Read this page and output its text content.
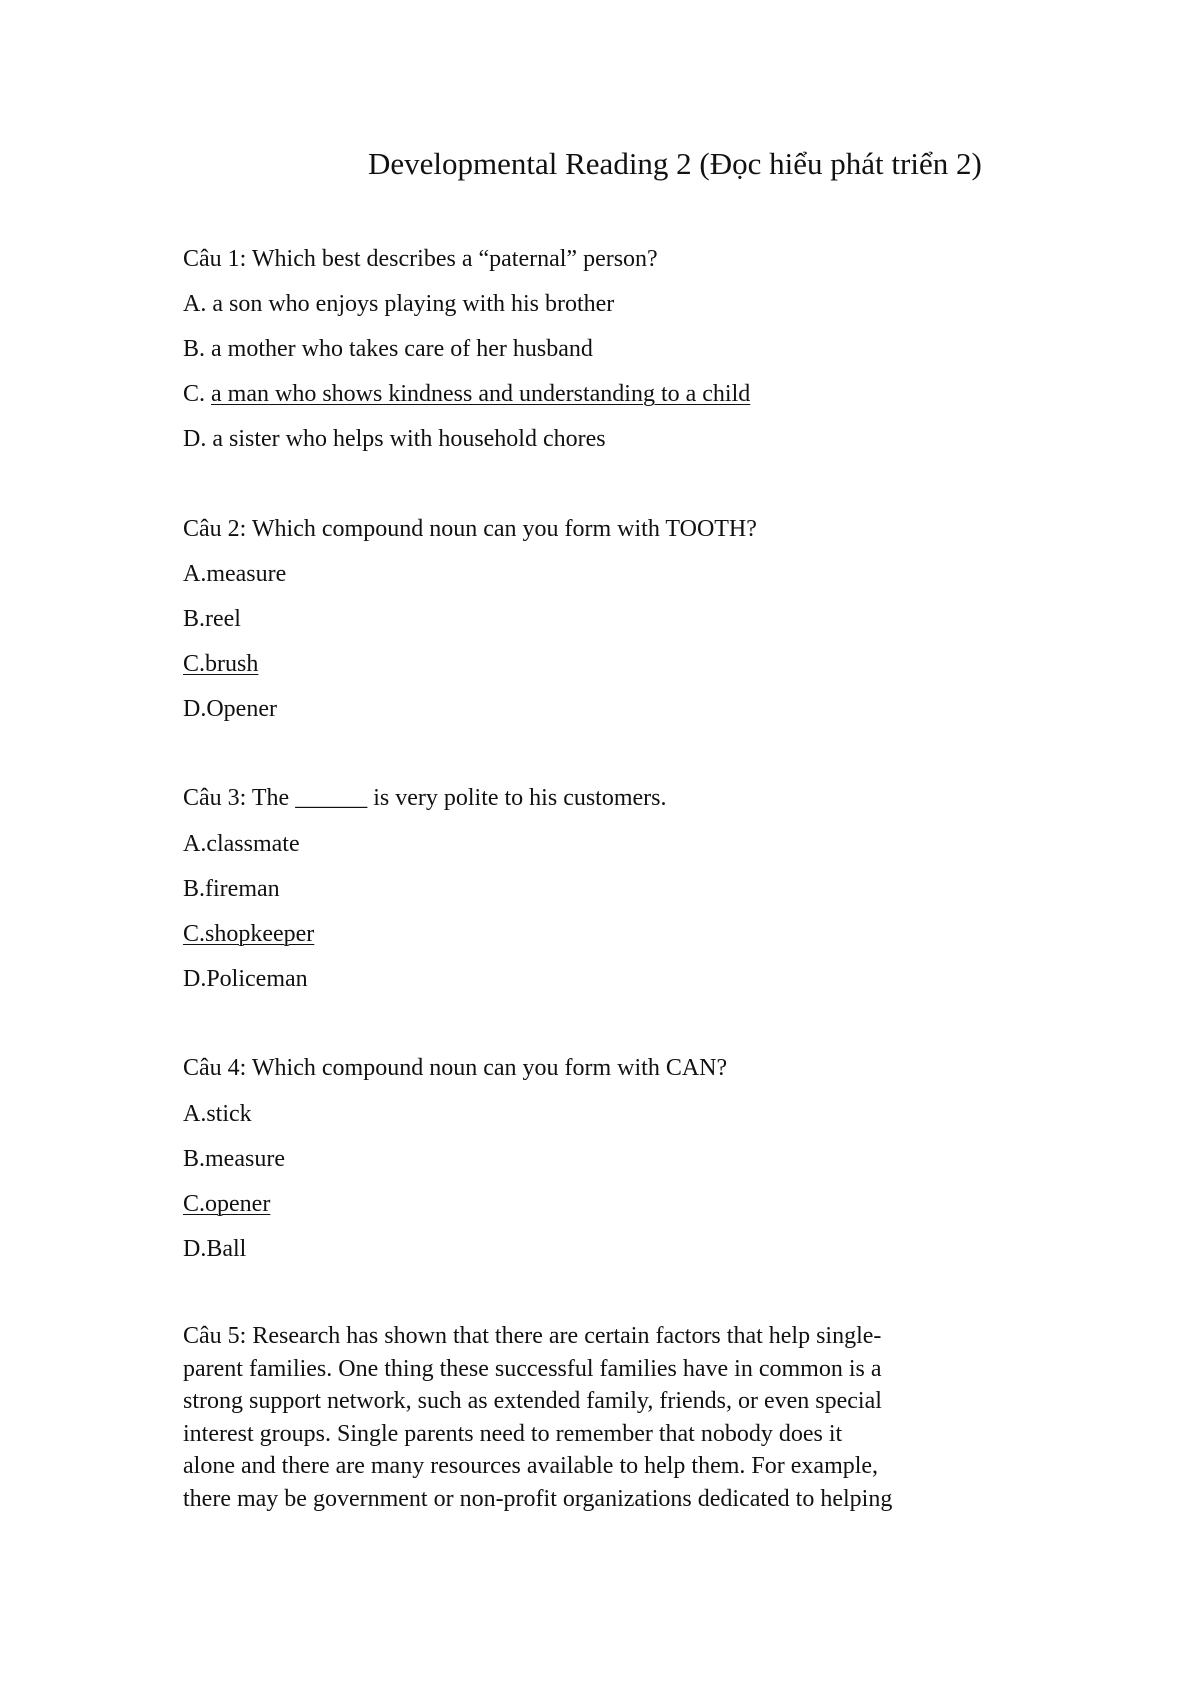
Developmental Reading 2 (Đọc hiểu phát triển 2)
Câu 1: Which best describes a “paternal” person?
A. a son who enjoys playing with his brother
B. a mother who takes care of her husband
C. a man who shows kindness and understanding to a child
D. a sister who helps with household chores
Câu 2: Which compound noun can you form with TOOTH?
A.measure
B.reel
C.brush
D.Opener
Câu 3: The ______ is very polite to his customers.
A.classmate
B.fireman
C.shopkeeper
D.Policeman
Câu 4: Which compound noun can you form with CAN?
A.stick
B.measure
C.opener
D.Ball
Câu 5: Research has shown that there are certain factors that help single-
parent families. One thing these successful families have in common is a
strong support network, such as extended family, friends, or even special
interest groups. Single parents need to remember that nobody does it
alone and there are many resources available to help them. For example,
there may be government or non-profit organizations dedicated to helping
